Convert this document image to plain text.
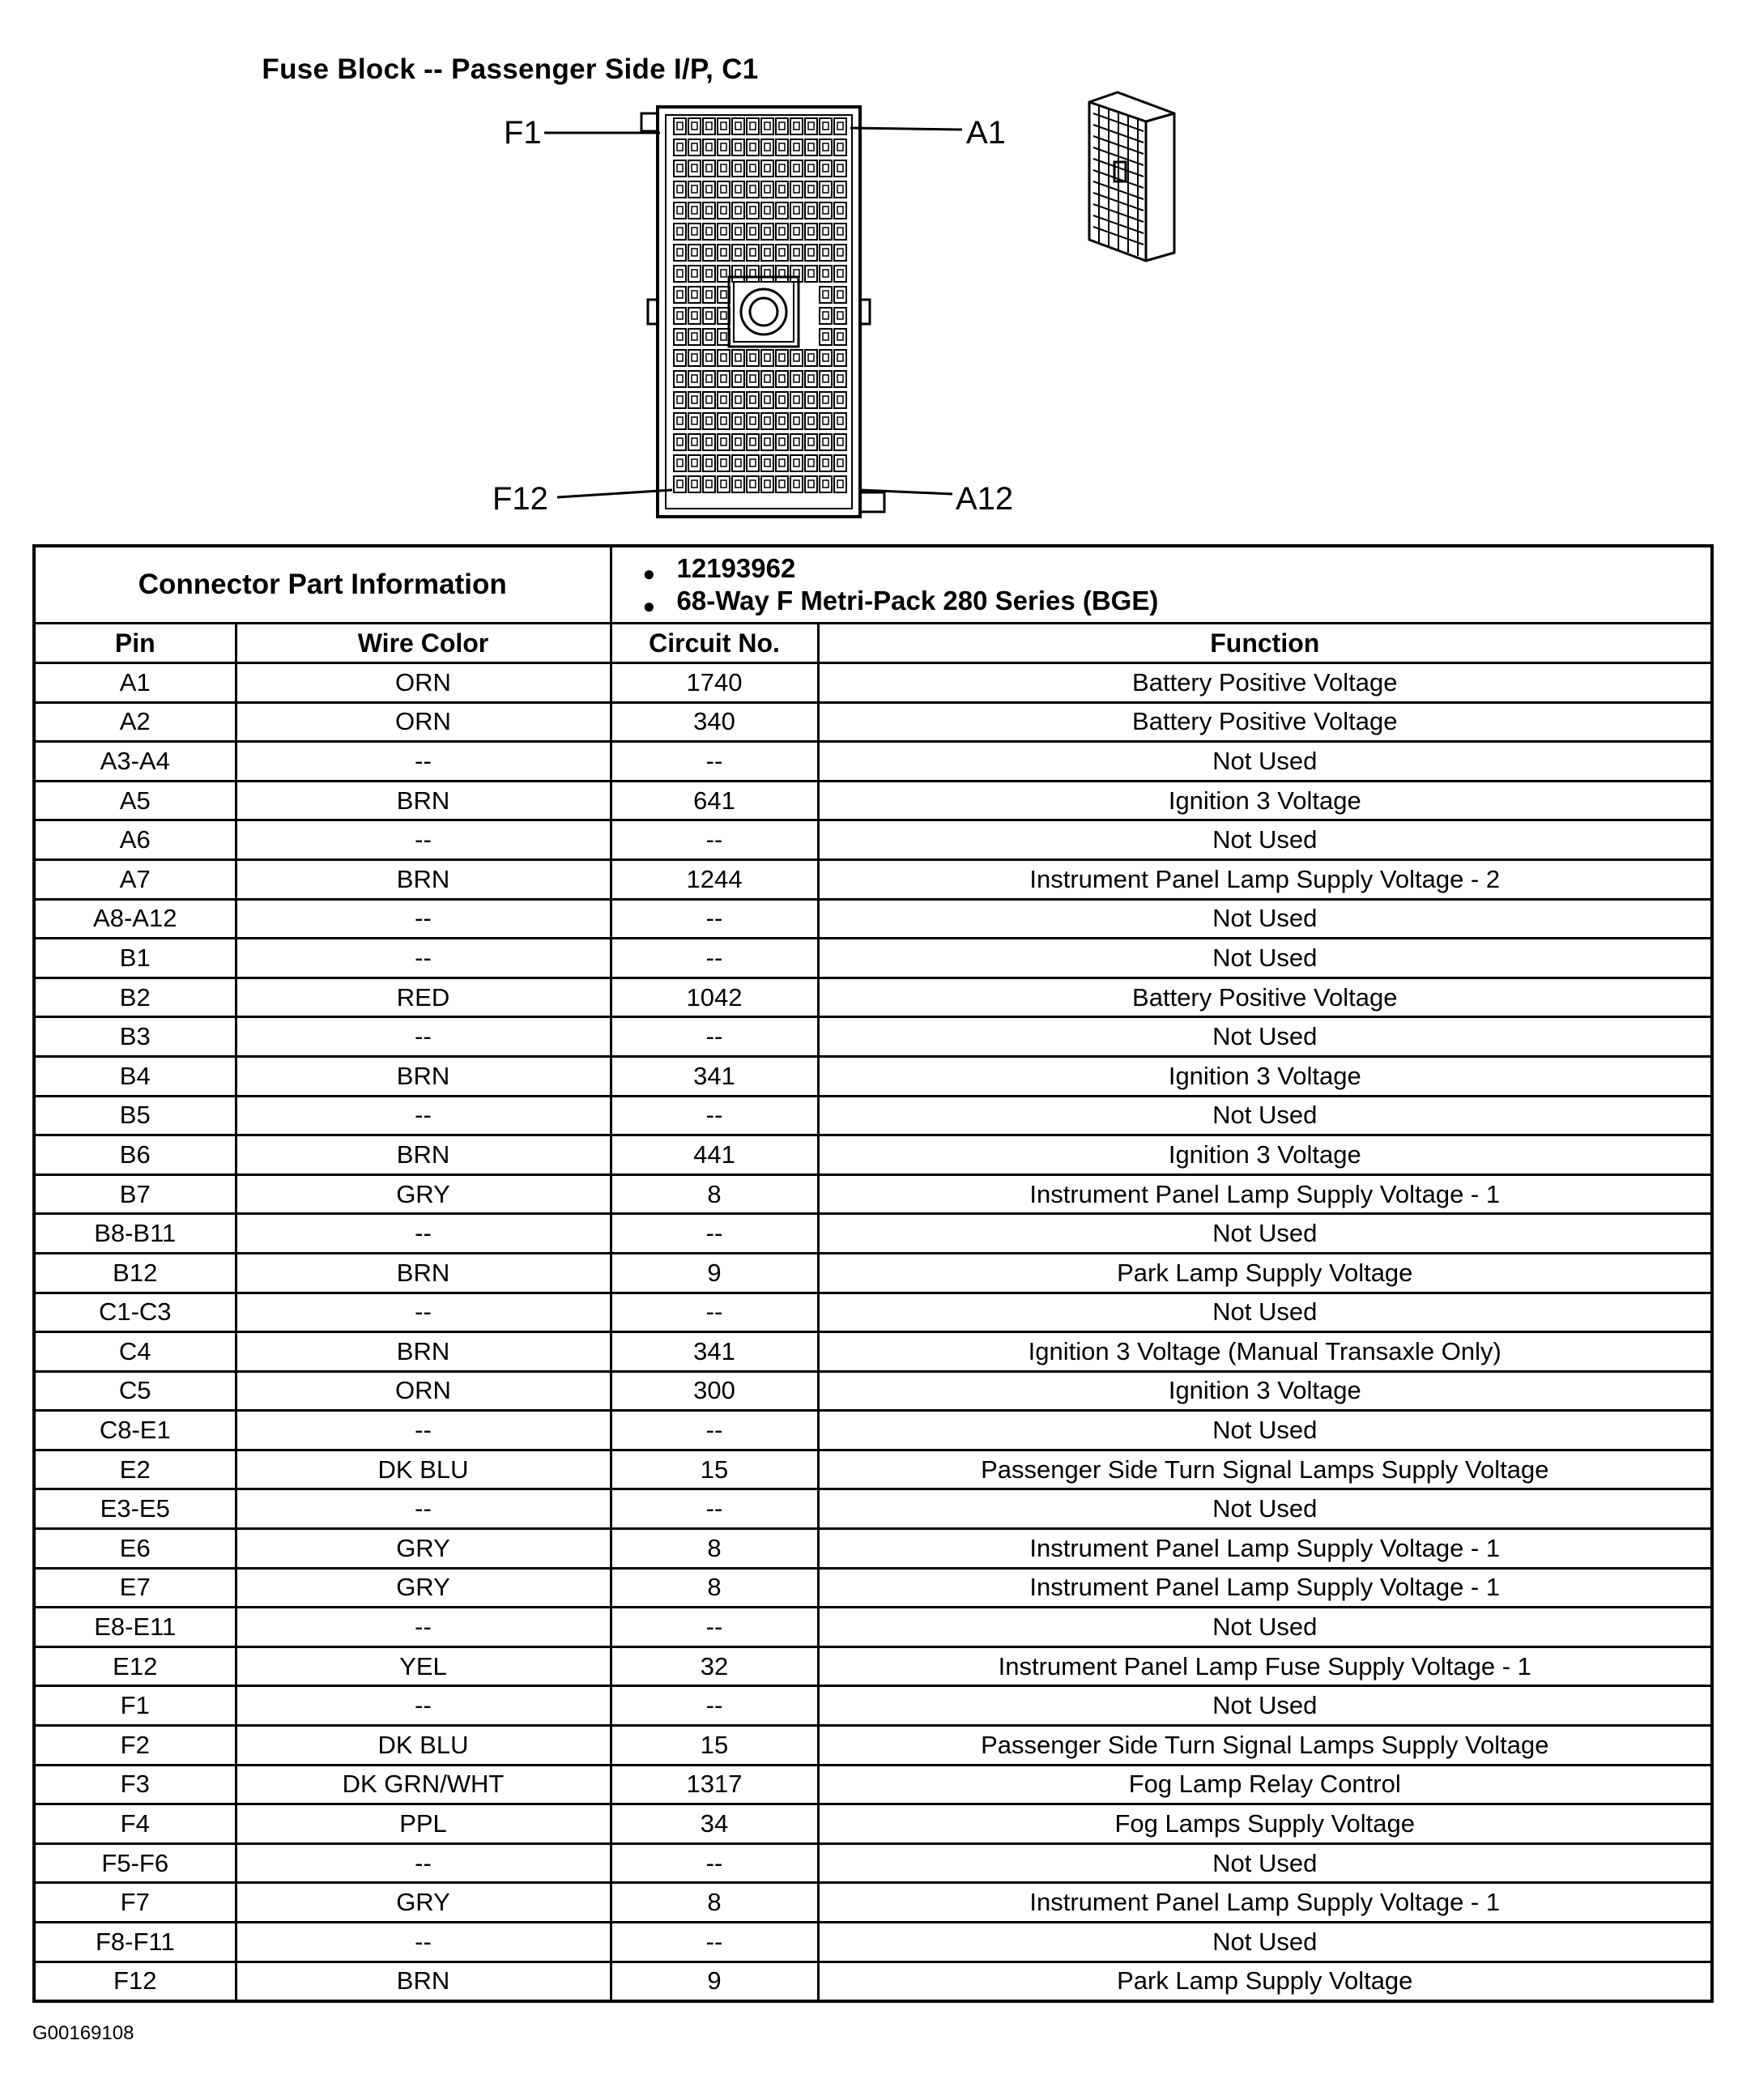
Fuse Block -- Passenger Side I/P, C1
F1	A1
F12	A12
Connector Part Information		● 12193962
● 68-Way F Metri-Pack 280 Series (BGE)	

Pin	Wire Color	Circuit No.	Function
A1	ORN	1740	Battery Positive Voltage
A2	ORN	340	Battery Positive Voltage
A3-A4	--	--	Not Used
A5	BRN	641	Ignition 3 Voltage
A6	--	--	Not Used
A7	BRN	1244	Instrument Panel Lamp Supply Voltage - 2
A8-A12	--	--	Not Used
B1	--	--	Not Used
B2	RED	1042	Battery Positive Voltage
B3	--	--	Not Used
B4	BRN	341	Ignition 3 Voltage
B5	--	--	Not Used
B6	BRN	441	Ignition 3 Voltage
B7	GRY	8	Instrument Panel Lamp Supply Voltage - 1
B8-B11	--	--	Not Used
B12	BRN	9	Park Lamp Supply Voltage
C1-C3	--	--	Not Used
C4	BRN	341	Ignition 3 Voltage (Manual Transaxle Only)
C5	ORN	300	Ignition 3 Voltage
C8-E1	--	--	Not Used
E2	DK BLU	15	Passenger Side Turn Signal Lamps Supply Voltage
E3-E5	--	--	Not Used
E6	GRY	8	Instrument Panel Lamp Supply Voltage - 1
E7	GRY	8	Instrument Panel Lamp Supply Voltage - 1
E8-E11	--	--	Not Used
E12	YEL	32	Instrument Panel Lamp Fuse Supply Voltage - 1
F1	--	--	Not Used
F2	DK BLU	15	Passenger Side Turn Signal Lamps Supply Voltage
F3	DK GRN/WHT	1317	Fog Lamp Relay Control
F4	PPL	34	Fog Lamps Supply Voltage
F5-F6	--	--	Not Used
F7	GRY	8	Instrument Panel Lamp Supply Voltage - 1
F8-F11	--	--	Not Used
F12	BRN	9	Park Lamp Supply Voltage
G00169108
